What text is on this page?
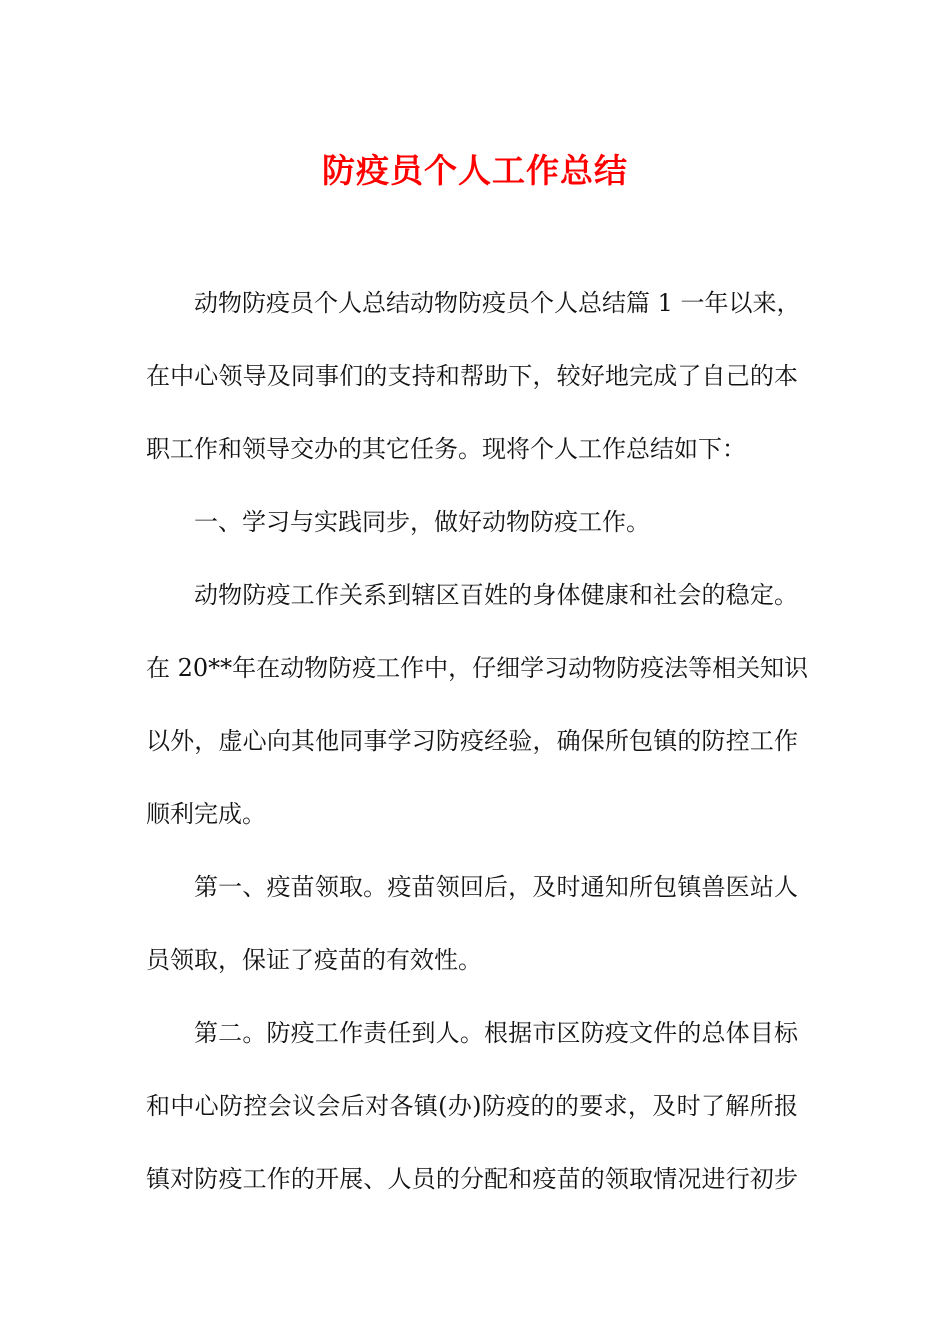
防疫员个人工作总结
动物防疫员个人总结动物防疫员个人总结篇 1 一年以来，
在中心领导及同事们的支持和帮助下，较好地完成了自己的本
职工作和领导交办的其它任务。现将个人工作总结如下：
一、学习与实践同步，做好动物防疫工作。
动物防疫工作关系到辖区百姓的身体健康和社会的稳定。
在 20**年在动物防疫工作中，仔细学习动物防疫法等相关知识
以外，虚心向其他同事学习防疫经验，确保所包镇的防控工作
顺利完成。
第一、疫苗领取。疫苗领回后，及时通知所包镇兽医站人
员领取，保证了疫苗的有效性。
第二。防疫工作责任到人。根据市区防疫文件的总体目标
和中心防控会议会后对各镇(办)防疫的的要求，及时了解所报
镇对防疫工作的开展、人员的分配和疫苗的领取情况进行初步
